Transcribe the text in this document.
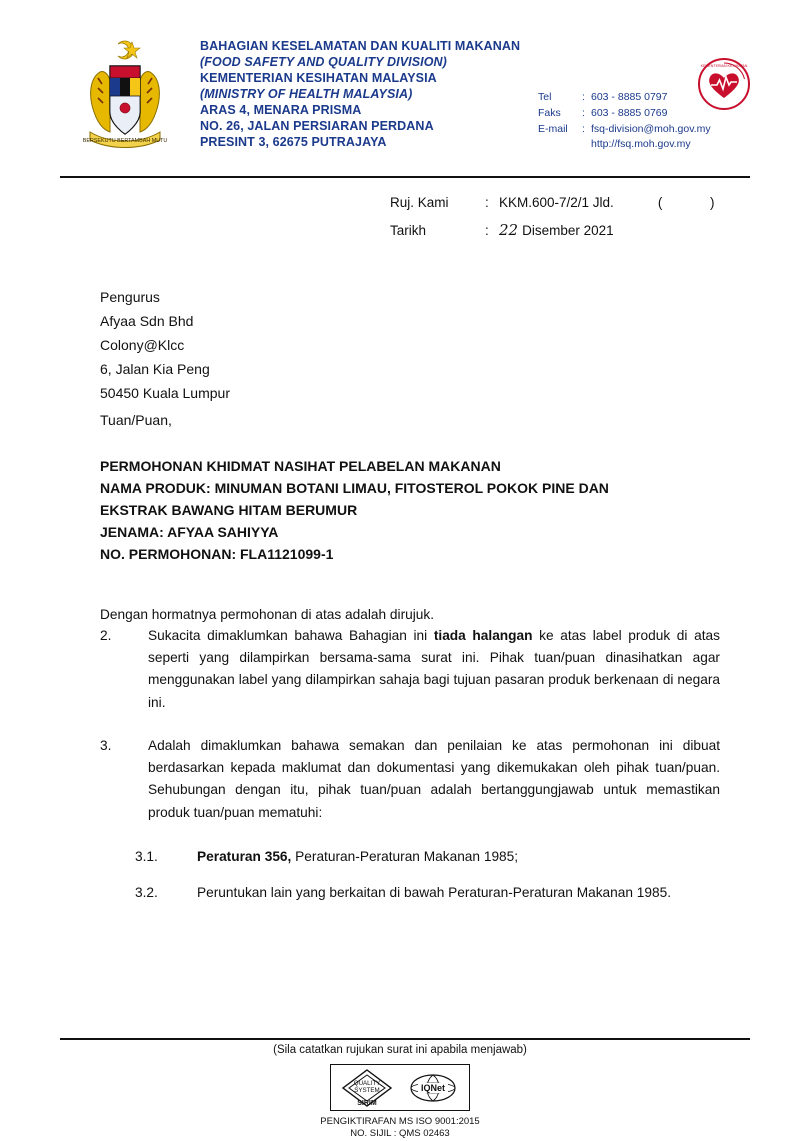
BERSEKUTU BERTAMBAH MUTU
BAHAGIAN KESELAMATAN DAN KUALITI MAKANAN
(FOOD SAFETY AND QUALITY DIVISION)
KEMENTERIAN KESIHATAN MALAYSIA
(MINISTRY OF HEALTH MALAYSIA)
ARAS 4, MENARA PRISMA
NO. 26, JALAN PERSIARAN PERDANA
PRESINT 3, 62675 PUTRAJAYA
Tel	: 603 - 8885 0797
Faks	: 603 - 8885 0769
E-mail	: fsq-division@moh.gov.my
http://fsq.moh.gov.my
KEMENTERIAN KESIHATAN
Ruj. Kami	: KKM.600-7/2/1 Jld.	( )
Tarikh	: 22 Disember 2021
Pengurus
Afyaa Sdn Bhd
Colony@Klcc
6, Jalan Kia Peng
50450 Kuala Lumpur
Tuan/Puan,
PERMOHONAN KHIDMAT NASIHAT PELABELAN MAKANAN
NAMA PRODUK: MINUMAN BOTANI LIMAU, FITOSTEROL POKOK PINE DAN
EKSTRAK BAWANG HITAM BERUMUR
JENAMA: AFYAA SAHIYYA
NO. PERMOHONAN: FLA1121099-1
Dengan hormatnya permohonan di atas adalah dirujuk.
2.	Sukacita dimaklumkan bahawa Bahagian ini tiada halangan ke atas label produk di atas seperti yang dilampirkan bersama-sama surat ini. Pihak tuan/puan dinasihatkan agar menggunakan label yang dilampirkan sahaja bagi tujuan pasaran produk berkenaan di negara ini.
3.	Adalah dimaklumkan bahawa semakan dan penilaian ke atas permohonan ini dibuat berdasarkan kepada maklumat dan dokumentasi yang dikemukakan oleh pihak tuan/puan. Sehubungan dengan itu, pihak tuan/puan adalah bertanggungjawab untuk memastikan produk tuan/puan mematuhi:
3.1.	Peraturan 356, Peraturan-Peraturan Makanan 1985;
3.2.	Peruntukan lain yang berkaitan di bawah Peraturan-Peraturan Makanan 1985.
(Sila catatkan rujukan surat ini apabila menjawab)
QUALITY
SYSTEM
SIRIM
IQNet
PENGIKTIRAFAN MS ISO 9001:2015
NO. SIJIL : QMS 02463
